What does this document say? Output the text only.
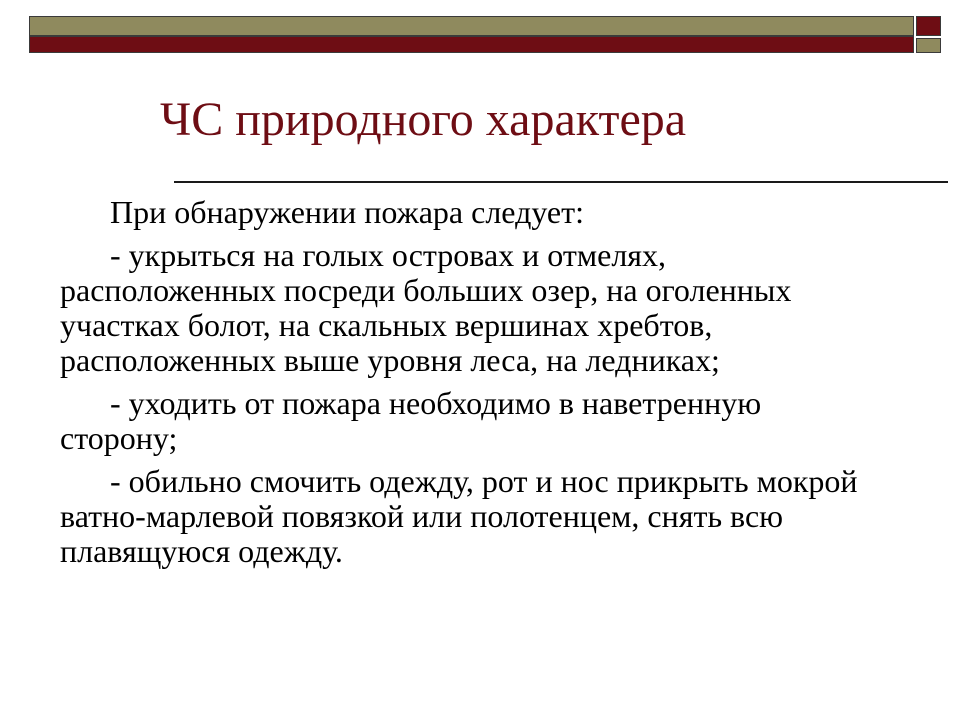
ЧС природного характера

При обнаружении пожара следует:

- укрыться на голых островах и отмелях, расположенных посреди больших озер, на оголенных участках болот, на скальных вершинах хребтов, расположенных выше уровня леса, на ледниках;

- уходить от пожара необходимо в наветренную сторону;

- обильно смочить одежду, рот и нос прикрыть мокрой ватно-марлевой повязкой или полотенцем, снять всю плавящуюся одежду.
